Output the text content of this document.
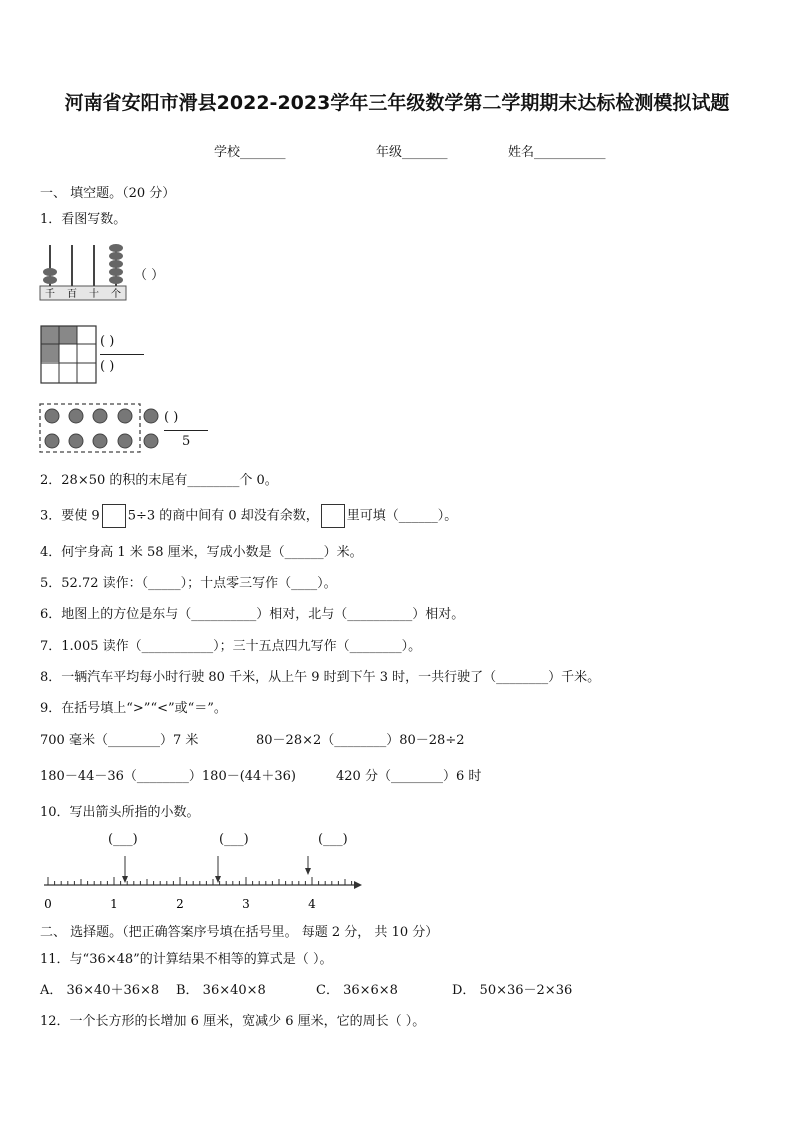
河南省安阳市滑县2022-2023学年三年级数学第二学期期末达标检测模拟试题
学校_______	年级_______	姓名___________
一、 填空题。（20 分）
1．看图写数。
千 百 十 个
（ ）
( )
( )
( )
5
2．28×50 的积的末尾有________个 0。
3．要使 9 5÷3 的商中间有 0 却没有余数， 里可填（______）。
4．何宇身高 1 米 58 厘米，写成小数是（______）米。
5．52.72 读作：（_____）；十点零三写作（____）。
6．地图上的方位是东与（__________）相对，北与（__________）相对。
7．1.005 读作（___________）；三十五点四九写作（________）。
8．一辆汽车平均每小时行驶 80 千米，从上午 9 时到下午 3 时，一共行驶了（________）千米。
9．在括号填上“>”“<”或“＝”。
700 毫米（________）7 米	80－28×2（________）80－28÷2
180－44－36（________）180－(44＋36)	420 分（________）6 时
10．写出箭头所指的小数。
(___)	(___)	(___)
0	1	2	3	4
二、 选择题。（把正确答案序号填在括号里。 每题 2 分， 共 10 分）
11．与“36×48”的计算结果不相等的算式是（ ）。
A． 36×40＋36×8 B． 36×40×8	C． 36×6×8	D． 50×36－2×36
12．一个长方形的长增加 6 厘米，宽减少 6 厘米，它的周长（ ）。
